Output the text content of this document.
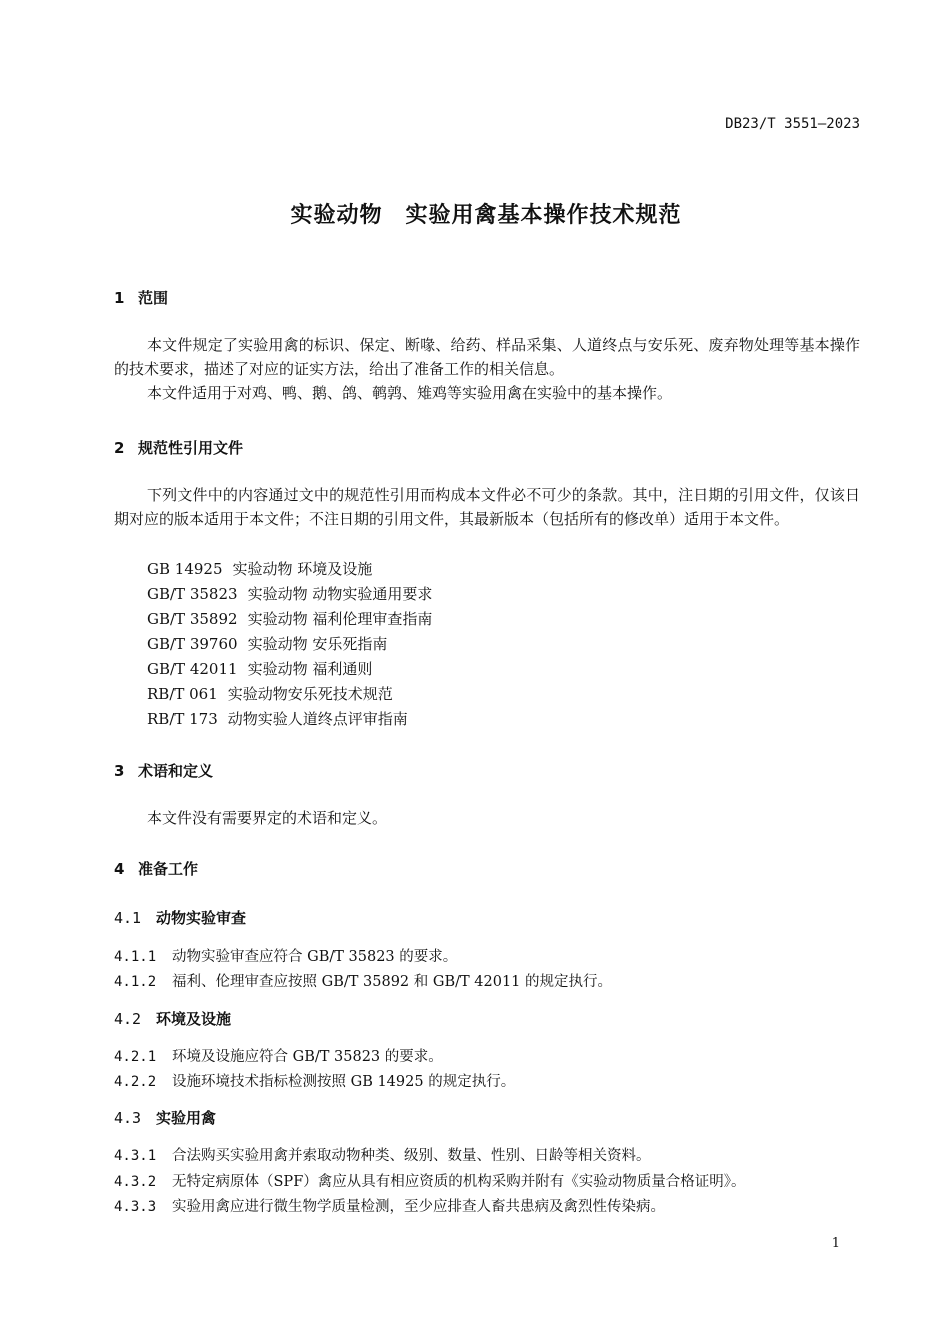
DB23/T 3551—2023
实验动物　实验用禽基本操作技术规范
1 范围

本文件规定了实验用禽的标识、保定、断喙、给药、样品采集、人道终点与安乐死、废弃物处理等基本操作的技术要求，描述了对应的证实方法，给出了准备工作的相关信息。

本文件适用于对鸡、鸭、鹅、鸽、鹌鹑、雉鸡等实验用禽在实验中的基本操作。

2 规范性引用文件

下列文件中的内容通过文中的规范性引用而构成本文件必不可少的条款。其中，注日期的引用文件，仅该日期对应的版本适用于本文件；不注日期的引用文件，其最新版本（包括所有的修改单）适用于本文件。

GB 14925 实验动物 环境及设施
GB/T 35823 实验动物 动物实验通用要求
GB/T 35892 实验动物 福利伦理审查指南
GB/T 39760 实验动物 安乐死指南
GB/T 42011 实验动物 福利通则
RB/T 061 实验动物安乐死技术规范
RB/T 173 动物实验人道终点评审指南
3 术语和定义

本文件没有需要界定的术语和定义。

4 准备工作
4.1 动物实验审查
4.1.1 动物实验审查应符合 GB/T 35823 的要求。
4.1.2 福利、伦理审查应按照 GB/T 35892 和 GB/T 42011 的规定执行。
4.2 环境及设施
4.2.1 环境及设施应符合 GB/T 35823 的要求。
4.2.2 设施环境技术指标检测按照 GB 14925 的规定执行。
4.3 实验用禽
4.3.1 合法购买实验用禽并索取动物种类、级别、数量、性别、日龄等相关资料。
4.3.2 无特定病原体（SPF）禽应从具有相应资质的机构采购并附有《实验动物质量合格证明》。
4.3.3 实验用禽应进行微生物学质量检测，至少应排查人畜共患病及禽烈性传染病。
1
